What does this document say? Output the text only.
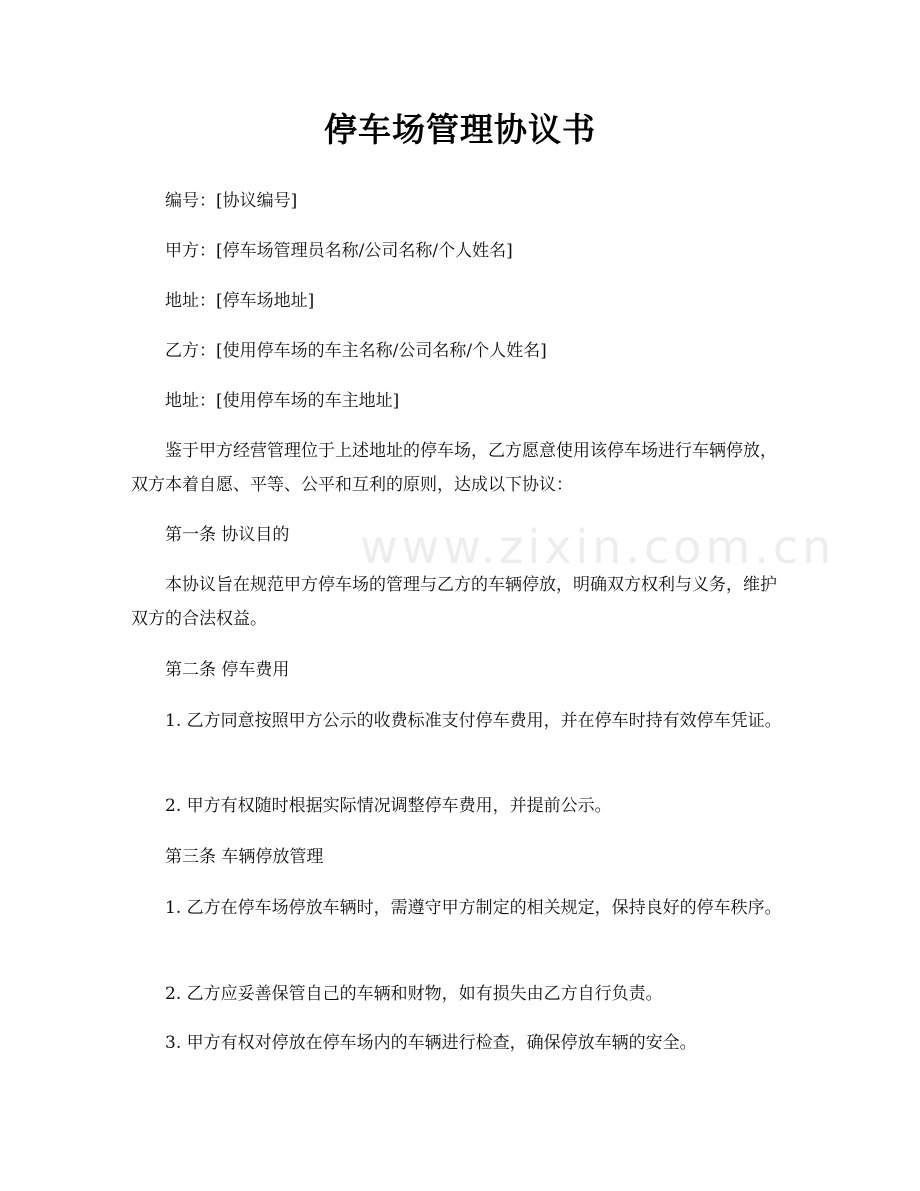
www.zixin.com.cn
停车场管理协议书
编号：[协议编号]
甲方：[停车场管理员名称/公司名称/个人姓名]
地址：[停车场地址]
乙方：[使用停车场的车主名称/公司名称/个人姓名]
地址：[使用停车场的车主地址]
鉴于甲方经营管理位于上述地址的停车场，乙方愿意使用该停车场进行车辆停放，双方本着自愿、平等、公平和互利的原则，达成以下协议：
第一条 协议目的
本协议旨在规范甲方停车场的管理与乙方的车辆停放，明确双方权利与义务，维护双方的合法权益。
第二条 停车费用
1. 乙方同意按照甲方公示的收费标准支付停车费用，并在停车时持有效停车凭证。
2. 甲方有权随时根据实际情况调整停车费用，并提前公示。
第三条 车辆停放管理
1. 乙方在停车场停放车辆时，需遵守甲方制定的相关规定，保持良好的停车秩序。
2. 乙方应妥善保管自己的车辆和财物，如有损失由乙方自行负责。
3. 甲方有权对停放在停车场内的车辆进行检查，确保停放车辆的安全。
